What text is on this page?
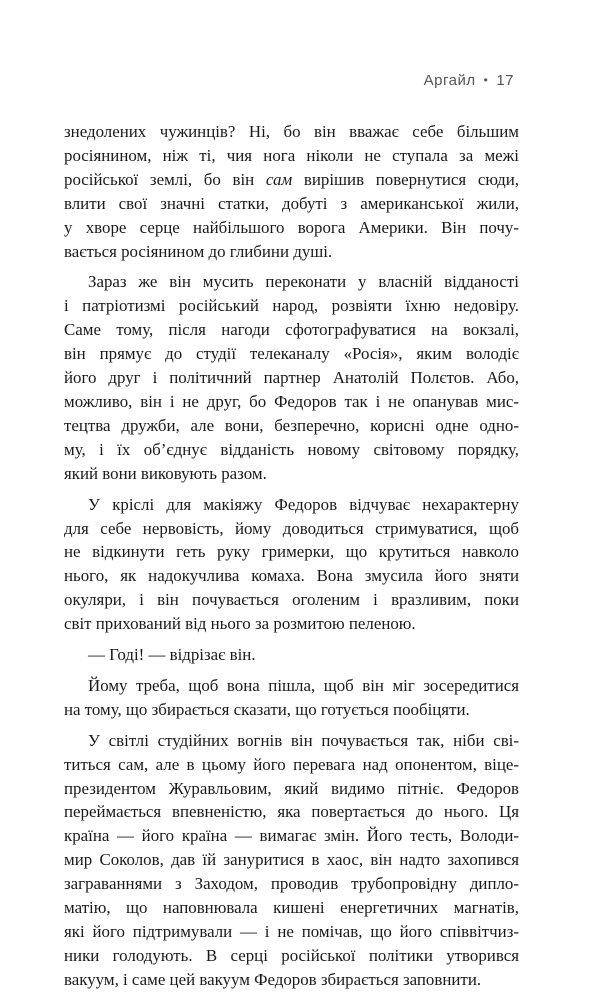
Аргайл • 17

знедолених чужинців? Ні, бо він вважає себе більшим

росіянином, ніж ті, чия нога ніколи не ступала за межі

російської землі, бо він сам вирішив повернутися сюди,

влити свої значні статки, добуті з американської жили,

у хворе серце найбільшого ворога Америки. Він почу-

вається росіянином до глибини душі.

Зараз же він мусить переконати у власній відданості

і патріотизмі російський народ, розвіяти їхню недовіру.

Саме тому, після нагоди сфотографуватися на вокзалі,

він прямує до студії телеканалу «Росія», яким володіє

його друг і політичний партнер Анатолій Полєтов. Або,

можливо, він і не друг, бо Федоров так і не опанував мис-

тецтва дружби, але вони, безперечно, корисні одне одно-

му, і їх об’єднує відданість новому світовому порядку,

який вони виковують разом.

У кріслі для макіяжу Федоров відчуває нехарактерну

для себе нервовість, йому доводиться стримуватися, щоб

не відкинути геть руку гримерки, що крутиться навколо

нього, як надокучлива комаха. Вона змусила його зняти

окуляри, і він почувається оголеним і вразливим, поки

світ прихований від нього за розмитою пеленою.

— Годі! — відрізає він.

Йому треба, щоб вона пішла, щоб він міг зосередитися

на тому, що збирається сказати, що готується пообіцяти.

У світлі студійних вогнів він почувається так, ніби сві-

титься сам, але в цьому його перевага над опонентом, віце-

президентом Журавльовим, який видимо пітніє. Федоров

переймається впевненістю, яка повертається до нього. Ця

країна — його країна — вимагає змін. Його тесть, Володи-

мир Соколов, дав їй зануритися в хаос, він надто захопився

загравaннями з Заходом, проводив трубопровідну дипло-

матію, що наповнювала кишені енергетичних магнатів,

які його підтримували — і не помічав, що його співвітчиз-

ники голодують. В серці російської політики утворився

вакуум, і саме цей вакуум Федоров збирається заповнити.
